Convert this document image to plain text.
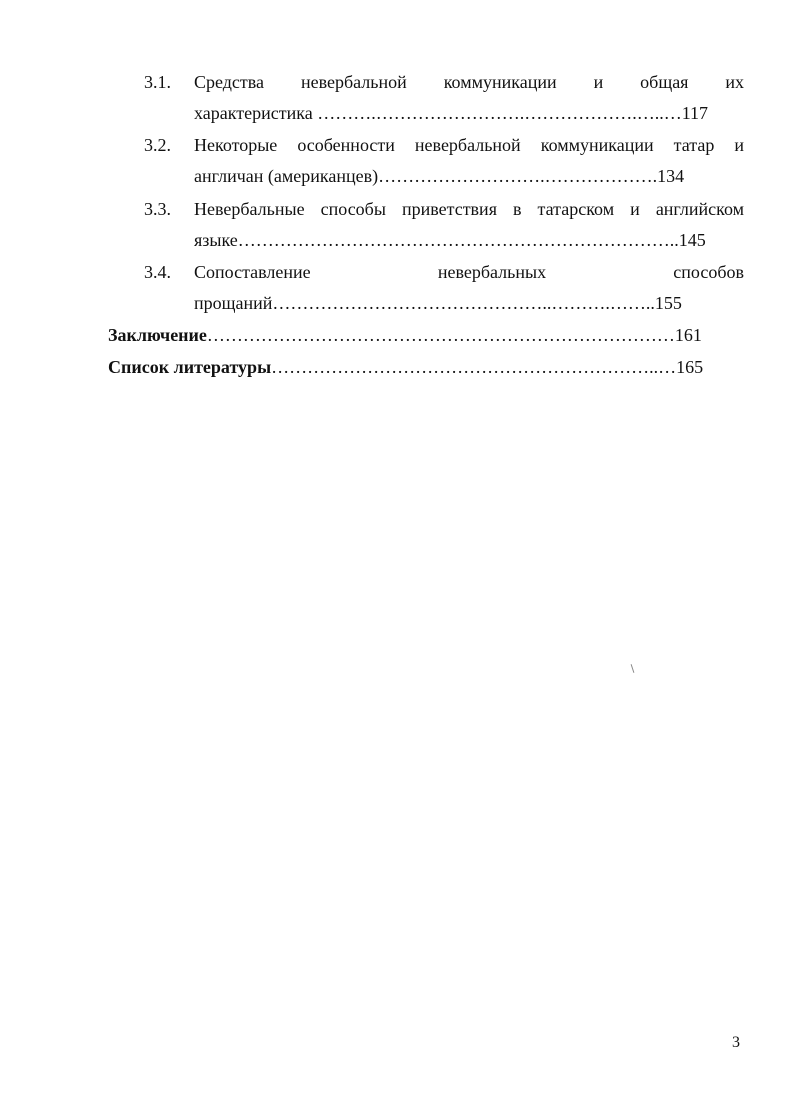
3.1. Средства невербальной коммуникации и общая их
характеристика ……….…………………….……………….…..…117
3.2. Некоторые особенности невербальной коммуникации татар и
англичан (американцев)……………………….……………….134
3.3. Невербальные способы приветствия в татарском и английском
языке………………………………………………………………..145
3.4. Сопоставление	невербальных	способов
прощаний………………………………………..……….……..155
Заключение……………………………………………………………………161
Список литературы………………………………………………………..…165
3
